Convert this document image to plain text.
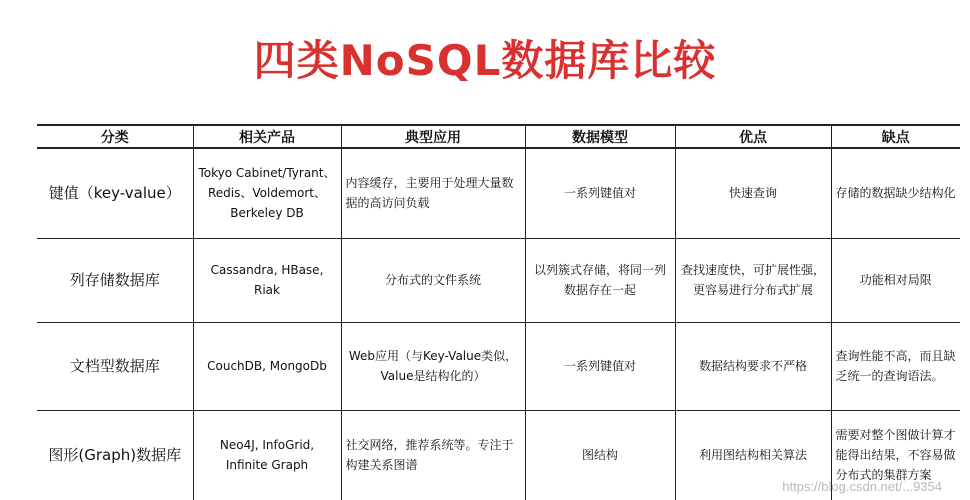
四类NoSQL数据库比较
分类	相关产品	典型应用	数据模型	优点	缺点
键值（key-value）	Tokyo Cabinet/Tyrant、Redis、Voldemort、Berkeley DB	内容缓存，主要用于处理大量数据的高访问负载	一系列键值对	快速查询	存储的数据缺少结构化
列存储数据库	Cassandra, HBase, Riak	分布式的文件系统	以列簇式存储，将同一列数据存在一起	查找速度快，可扩展性强，更容易进行分布式扩展	功能相对局限
文档型数据库	CouchDB, MongoDb	Web应用（与Key-Value类似，Value是结构化的）	一系列键值对	数据结构要求不严格	查询性能不高，而且缺乏统一的查询语法。
图形(Graph)数据库	Neo4J, InfoGrid, Infinite Graph	社交网络，推荐系统等。专注于构建关系图谱	图结构	利用图结构相关算法	需要对整个图做计算才能得出结果，不容易做分布式的集群方案
https://blog.csdn.net/...9354
